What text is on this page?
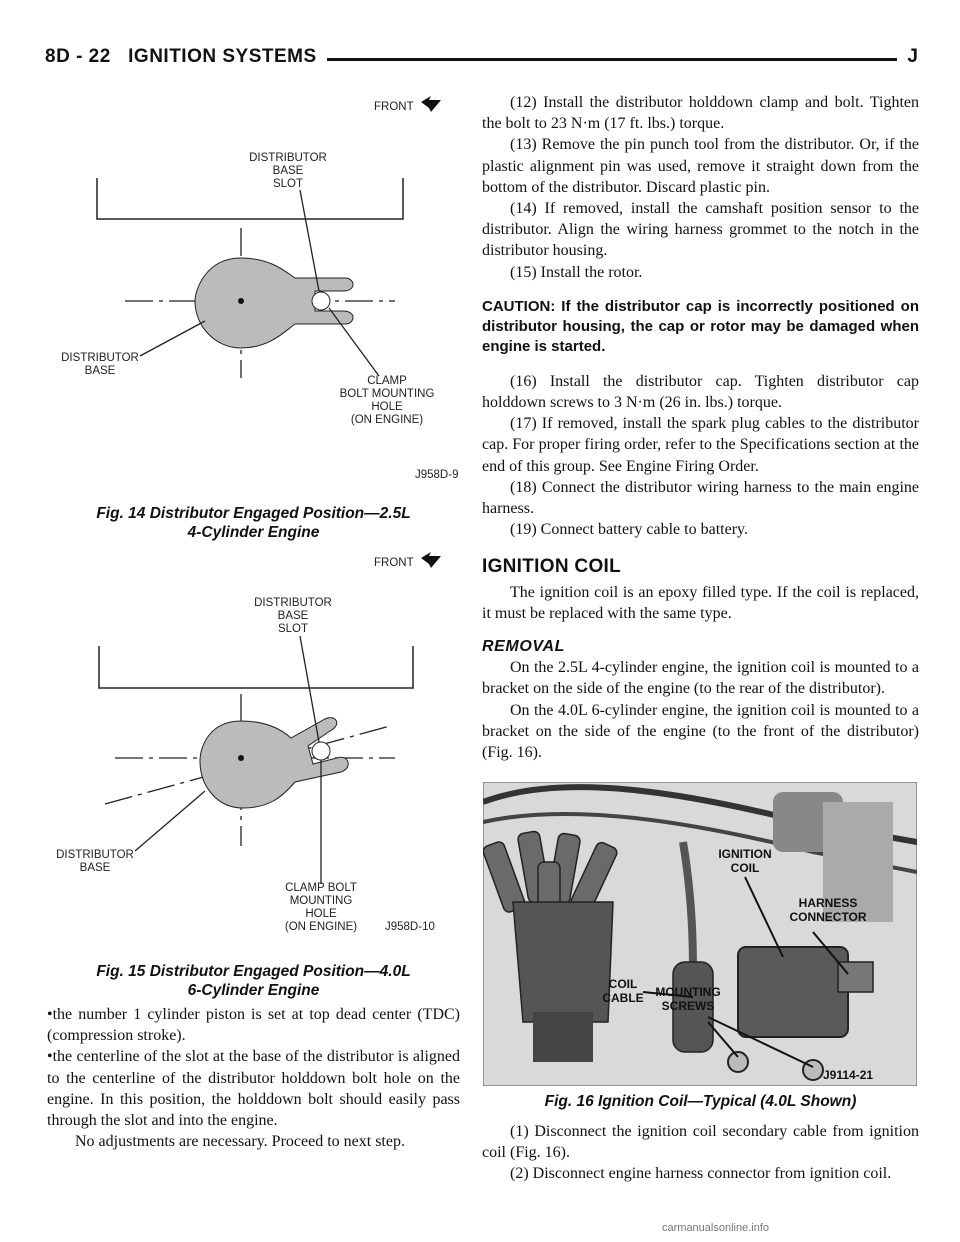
8D - 22   IGNITION SYSTEMS	J
FRONT
DISTRIBUTOR
BASE
SLOT
DISTRIBUTOR
BASE
CLAMP
BOLT MOUNTING
HOLE
(ON ENGINE)
J958D-9
Fig. 14 Distributor Engaged Position—2.5L
4-Cylinder Engine
FRONT
DISTRIBUTOR
BASE
SLOT
DISTRIBUTOR
BASE
CLAMP BOLT
MOUNTING
HOLE
(ON ENGINE) J958D-10
Fig. 15 Distributor Engaged Position—4.0L
6-Cylinder Engine

•the number 1 cylinder piston is set at top dead center (TDC) (compression stroke).

•the centerline of the slot at the base of the distributor is aligned to the centerline of the distributor holddown bolt hole on the engine. In this position, the holddown bolt should easily pass through the slot and into the engine.

No adjustments are necessary. Proceed to next step.

(12) Install the distributor holddown clamp and bolt. Tighten the bolt to 23 N·m (17 ft. lbs.) torque.

(13) Remove the pin punch tool from the distributor. Or, if the plastic alignment pin was used, remove it straight down from the bottom of the distributor. Discard plastic pin.

(14) If removed, install the camshaft position sensor to the distributor. Align the wiring harness grommet to the notch in the distributor housing.

(15) Install the rotor.

CAUTION: If the distributor cap is incorrectly positioned on distributor housing, the cap or rotor may be damaged when engine is started.

(16) Install the distributor cap. Tighten distributor cap holddown screws to 3 N·m (26 in. lbs.) torque.

(17) If removed, install the spark plug cables to the distributor cap. For proper firing order, refer to the Specifications section at the end of this group. See Engine Firing Order.

(18) Connect the distributor wiring harness to the main engine harness.

(19) Connect battery cable to battery.

IGNITION COIL

The ignition coil is an epoxy filled type. If the coil is replaced, it must be replaced with the same type.

REMOVAL

On the 2.5L 4-cylinder engine, the ignition coil is mounted to a bracket on the side of the engine (to the rear of the distributor).

On the 4.0L 6-cylinder engine, the ignition coil is mounted to a bracket on the side of the engine (to the front of the distributor) (Fig. 16).

IGNITION
COIL
HARNESS
CONNECTOR
COIL
CABLE MOUNTING
SCREWS
J9114-21

Fig. 16 Ignition Coil—Typical (4.0L Shown)

(1) Disconnect the ignition coil secondary cable from ignition coil (Fig. 16).

(2) Disconnect engine harness connector from ignition coil.

carmanualsonline.info
